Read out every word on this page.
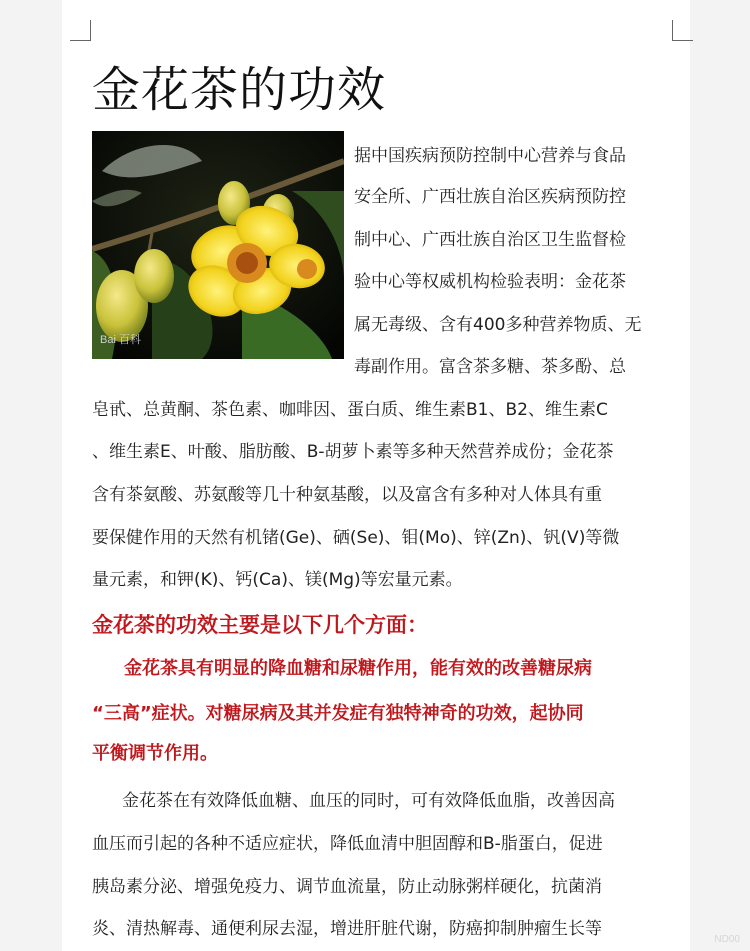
金花茶的功效
Bai 百科
据中国疾病预防控制中心营养与食品
安全所、广西壮族自治区疾病预防控
制中心、广西壮族自治区卫生监督检
验中心等权威机构检验表明：金花茶
属无毒级、含有400多种营养物质、无
毒副作用。富含茶多糖、茶多酚、总
皂甙、总黄酮、茶色素、咖啡因、蛋白质、维生素B1、B2、维生素C
、维生素E、叶酸、脂肪酸、B-胡萝卜素等多种天然营养成份；金花茶
含有茶氨酸、苏氨酸等几十种氨基酸，以及富含有多种对人体具有重
要保健作用的天然有机锗(Ge)、硒(Se)、钼(Mo)、锌(Zn)、钒(V)等微
量元素，和钾(K)、钙(Ca)、镁(Mg)等宏量元素。
金花茶的功效主要是以下几个方面：
金花茶具有明显的降血糖和尿糖作用，能有效的改善糖尿病
“三高”症状。对糖尿病及其并发症有独特神奇的功效，起协同
平衡调节作用。
金花茶在有效降低血糖、血压的同时，可有效降低血脂，改善因高
血压而引起的各种不适应症状，降低血清中胆固醇和B-脂蛋白，促进
胰岛素分泌、增强免疫力、调节血流量，防止动脉粥样硬化，抗菌消
炎、清热解毒、通便利尿去湿，增进肝脏代谢，防癌抑制肿瘤生长等
ND00
